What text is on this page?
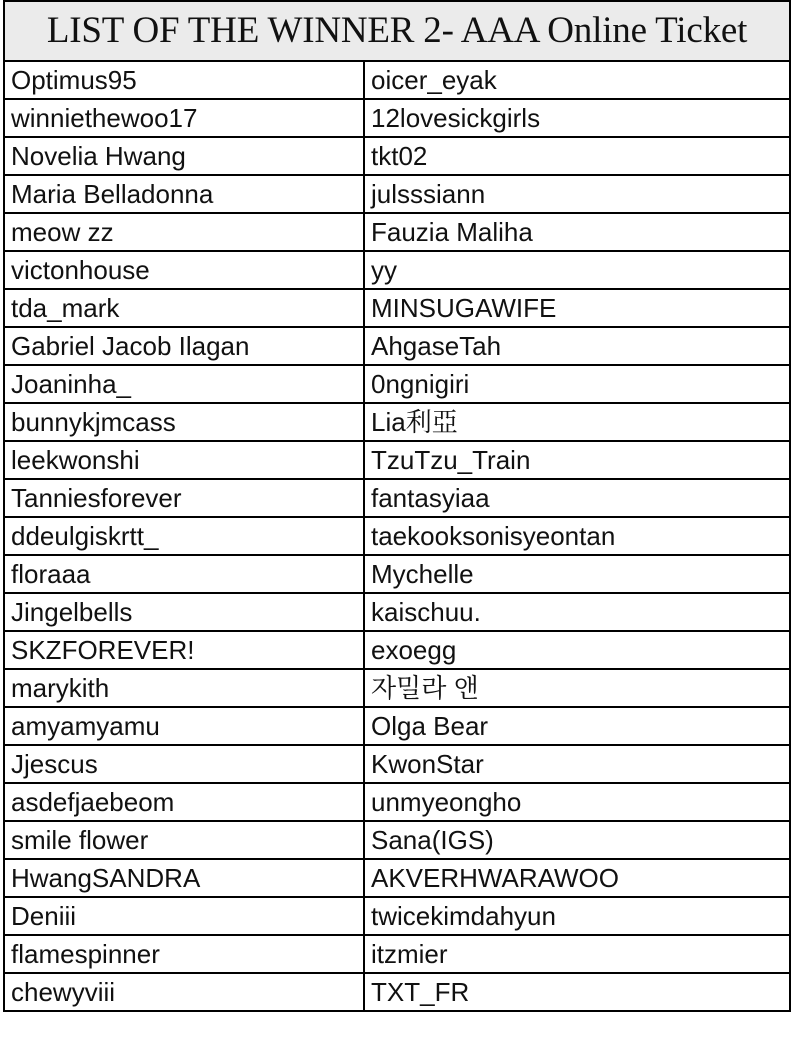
LIST OF THE WINNER 2- AAA Online Ticket	
Optimus95	oicer_eyak
winniethewoo17	12lovesickgirls
Novelia Hwang	tkt02
Maria Belladonna	julsssiann
meow zz	Fauzia Maliha
victonhouse	yy
tda_mark	MINSUGAWIFE
Gabriel Jacob Ilagan	AhgaseTah
Joaninha_	0ngnigiri
bunnykjmcass	Lia利亞
leekwonshi	TzuTzu_Train
Tanniesforever	fantasyiaa
ddeulgiskrtt_	taekooksonisyeontan
floraaa	Mychelle
Jingelbells	kaischuu.
SKZFOREVER!	exoegg
marykith	자밀라 앤
amyamyamu	Olga Bear
Jjescus	KwonStar
asdefjaebeom	unmyeongho
smile flower	Sana(IGS)
HwangSANDRA	AKVERHWARAWOO
Deniii	twicekimdahyun
flamespinner	itzmier
chewyviii	TXT_FR
